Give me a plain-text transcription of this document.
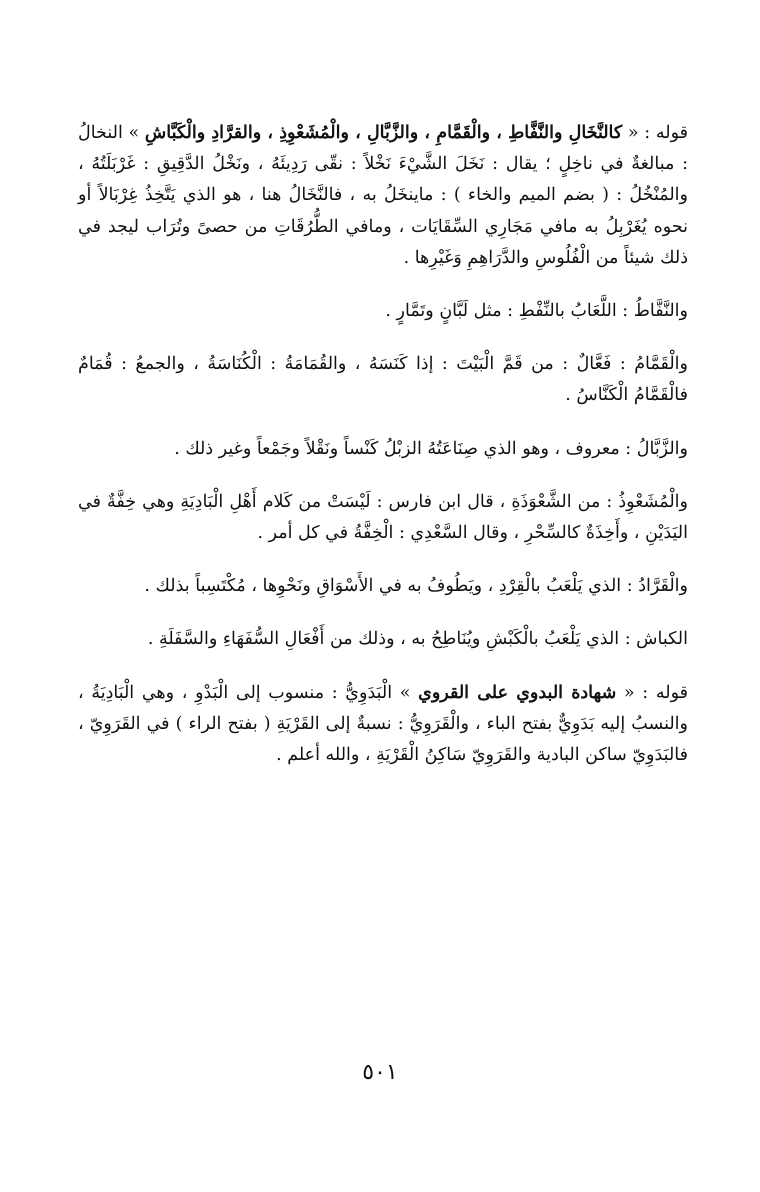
قوله : « كالنَّخَالِ والنَّفَّاطِ ، والْقَمَّامِ ، والزَّبَّالِ ، والْمُشَعْوِذِ ، والقرَّادِ والْكَبَّاشِ » النخالُ : مبالغةٌ في ناخِلٍ ؛ يقال : نَخَلَ الشَّيْءَ نَخْلاً : نقّى رَدِيئَهُ ، ونَخْلُ الدَّقِيقِ : غَرْبَلَتُهُ ، والمُنْخُلُ : ( بضم الميم والخاء ) : ماينخَلُ به ، فالنَّخَالُ هنا ، هو الذي يَتَّخِذُ غِرْبَالاً أو نحوه يُغَرْبِلُ به مافي مَجَارِي السِّقَايَات ، ومافي الطُّرُقَاتِ من حصىً وتُرَاب ليجد في ذلك شيئاً من الْفُلُوسِ والدَّرَاهِمِ وَغَيْرِها .

والنَّفَّاطُ : اللَّعَابُ بالنِّفْطِ : مثل لَبَّانٍ وتَمَّارٍ .

والْقَمَّامُ : فَعَّالٌ : من قَمَّ الْبَيْتَ : إذا كَنَسَهُ ، والقُمَامَةُ : الْكُنَاسَةُ ، والجمعُ : قُمَامٌ فالْقَمَّامُ الْكَنَّاسُ .

والزَّبَّالُ : معروف ، وهو الذي صِنَاعَتُهُ الزبْلُ كَنْساً ونَقْلاً وجَمْعاً وغير ذلك .

والْمُشَعْوِذُ : من الشَّعْوَذَةِ ، قال ابن فارس : لَيْسَتْ من كَلام أَهْلِ الْبَادِيَةِ وهي خِفَّةٌ في اليَدَيْنِ ، وأَخِذَةٌ كالسِّحْرِ ، وقال السَّعْدِي : الْخِفَّةُ في كل أمر .

والْقَرَّادُ : الذي يَلْعَبُ بالْقِرْدِ ، ويَطُوفُ به في الأَسْوَاقِ ونَحْوِها ، مُكْتَسِباً بذلك .

الكباش : الذي يَلْعَبُ بالْكَبْشِ ويُنَاطِحُ به ، وذلك من أَفْعَالِ السُّفَهَاءِ والسَّفَلَةِ .

قوله : « شهادة البدوي على القروي » الْبَدَوِيُّ : منسوب إلى الْبَدْوِ ، وهي الْبَادِيَةُ ، والنسبُ إليه بَدَوِيٌّ بفتح الباء ، والْقَرَوِيُّ : نسبةٌ إلى القَرْيَةِ ( بفتح الراء ) في القَرَوِيّ ، فالبَدَوِيّ ساكن البادية والقَرَوِيّ سَاكِنُ الْقَرْيَةِ ، والله أعلم .

٥٠١
